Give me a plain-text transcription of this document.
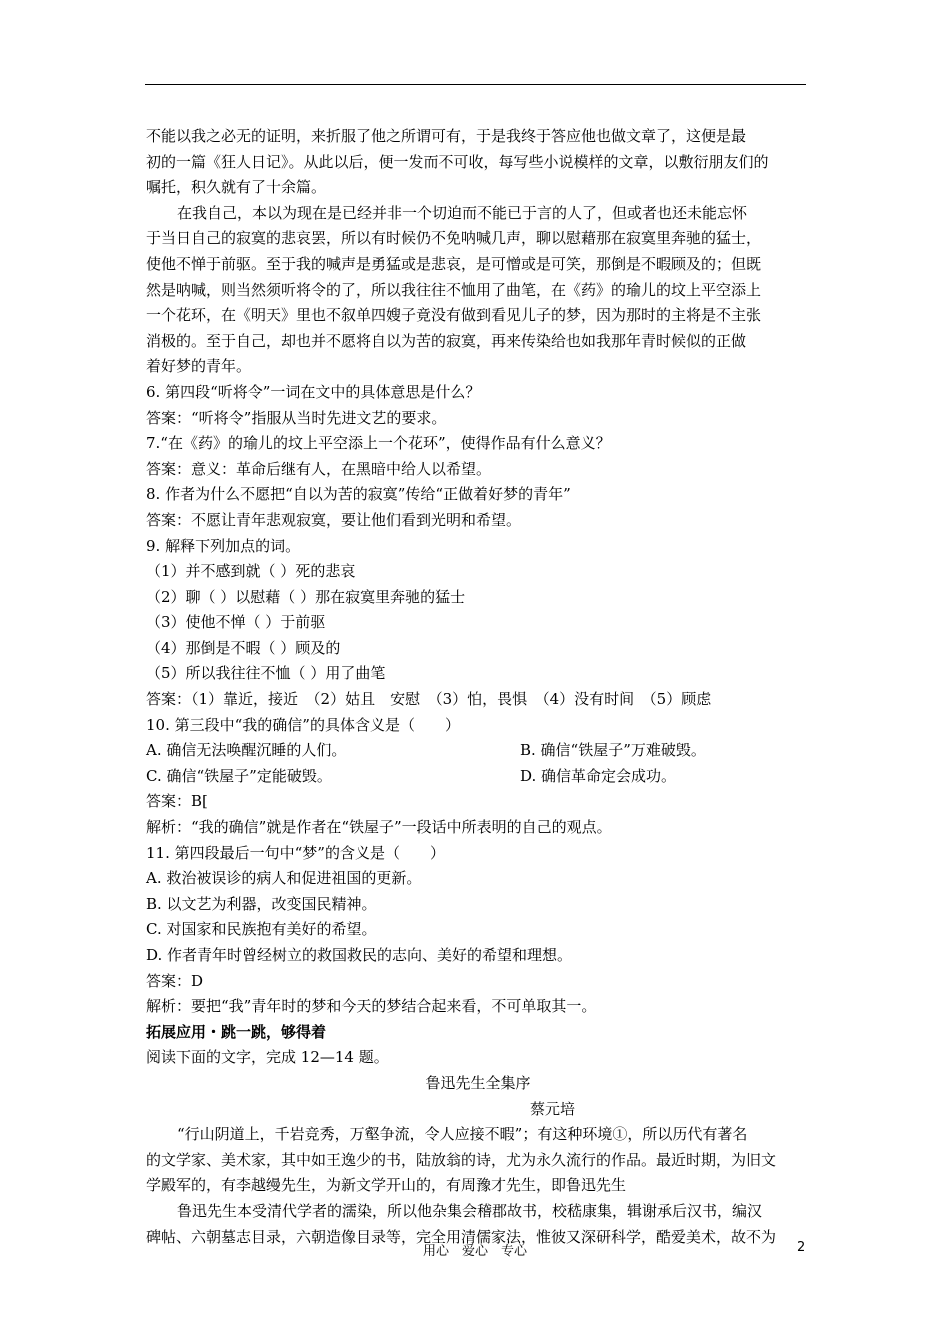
不能以我之必无的证明，来折服了他之所谓可有，于是我终于答应他也做文章了，这便是最
初的一篇《狂人日记》。从此以后，便一发而不可收，每写些小说模样的文章，以敷衍朋友们的
嘱托，积久就有了十余篇。
在我自己，本以为现在是已经并非一个切迫而不能已于言的人了，但或者也还未能忘怀
于当日自己的寂寞的悲哀罢，所以有时候仍不免呐喊几声，聊以慰藉那在寂寞里奔驰的猛士，
使他不惮于前驱。至于我的喊声是勇猛或是悲哀，是可憎或是可笑，那倒是不暇顾及的；但既
然是呐喊，则当然须听将令的了，所以我往往不恤用了曲笔，在《药》的瑜儿的坟上平空添上
一个花环，在《明天》里也不叙单四嫂子竟没有做到看见儿子的梦，因为那时的主将是不主张
消极的。至于自己，却也并不愿将自以为苦的寂寞，再来传染给也如我那年青时候似的正做
着好梦的青年。
6. 第四段“听将令”一词在文中的具体意思是什么？
答案：“听将令”指服从当时先进文艺的要求。
7.“在《药》的瑜儿的坟上平空添上一个花环”，使得作品有什么意义？
答案：意义：革命后继有人，在黑暗中给人以希望。
8. 作者为什么不愿把“自以为苦的寂寞”传给“正做着好梦的青年”
答案：不愿让青年悲观寂寞，要让他们看到光明和希望。
9. 解释下列加点的词。
（1）并不感到就（ ）死的悲哀
（2）聊（ ）以慰藉（ ）那在寂寞里奔驰的猛士
（3）使他不惮（ ）于前驱
（4）那倒是不暇（ ）顾及的
（5）所以我往往不恤（ ）用了曲笔
答案：（1）靠近，接近　（2）姑且　安慰　（3）怕，畏惧　（4）没有时间　（5）顾虑
10. 第三段中“我的确信”的具体含义是（　　）
A. 确信无法唤醒沉睡的人们。	B. 确信“铁屋子”万难破毁。
C. 确信“铁屋子”定能破毁。	D. 确信革命定会成功。
答案：B[
解析：“我的确信”就是作者在“铁屋子”一段话中所表明的自己的观点。
11. 第四段最后一句中“梦”的含义是（　　）
A. 救治被误诊的病人和促进祖国的更新。
B. 以文艺为利器，改变国民精神。
C. 对国家和民族抱有美好的希望。
D. 作者青年时曾经树立的救国救民的志向、美好的希望和理想。
答案：D
解析：要把“我”青年时的梦和今天的梦结合起来看，不可单取其一。
拓展应用・跳一跳，够得着
阅读下面的文字，完成 12—14 题。
鲁迅先生全集序
蔡元培
“行山阴道上，千岩竞秀，万壑争流，令人应接不暇”；有这种环境①，所以历代有著名
的文学家、美术家，其中如王逸少的书，陆放翁的诗，尤为永久流行的作品。最近时期，为旧文
学殿军的，有李越缦先生，为新文学开山的，有周豫才先生，即鲁迅先生
鲁迅先生本受清代学者的濡染，所以他杂集会稽郡故书，校嵇康集，辑谢承后汉书，编汉
碑帖、六朝墓志目录，六朝造像目录等，完全用清儒家法，惟彼又深研科学，酷爱美术，故不为
用心　爱心　专心	2
